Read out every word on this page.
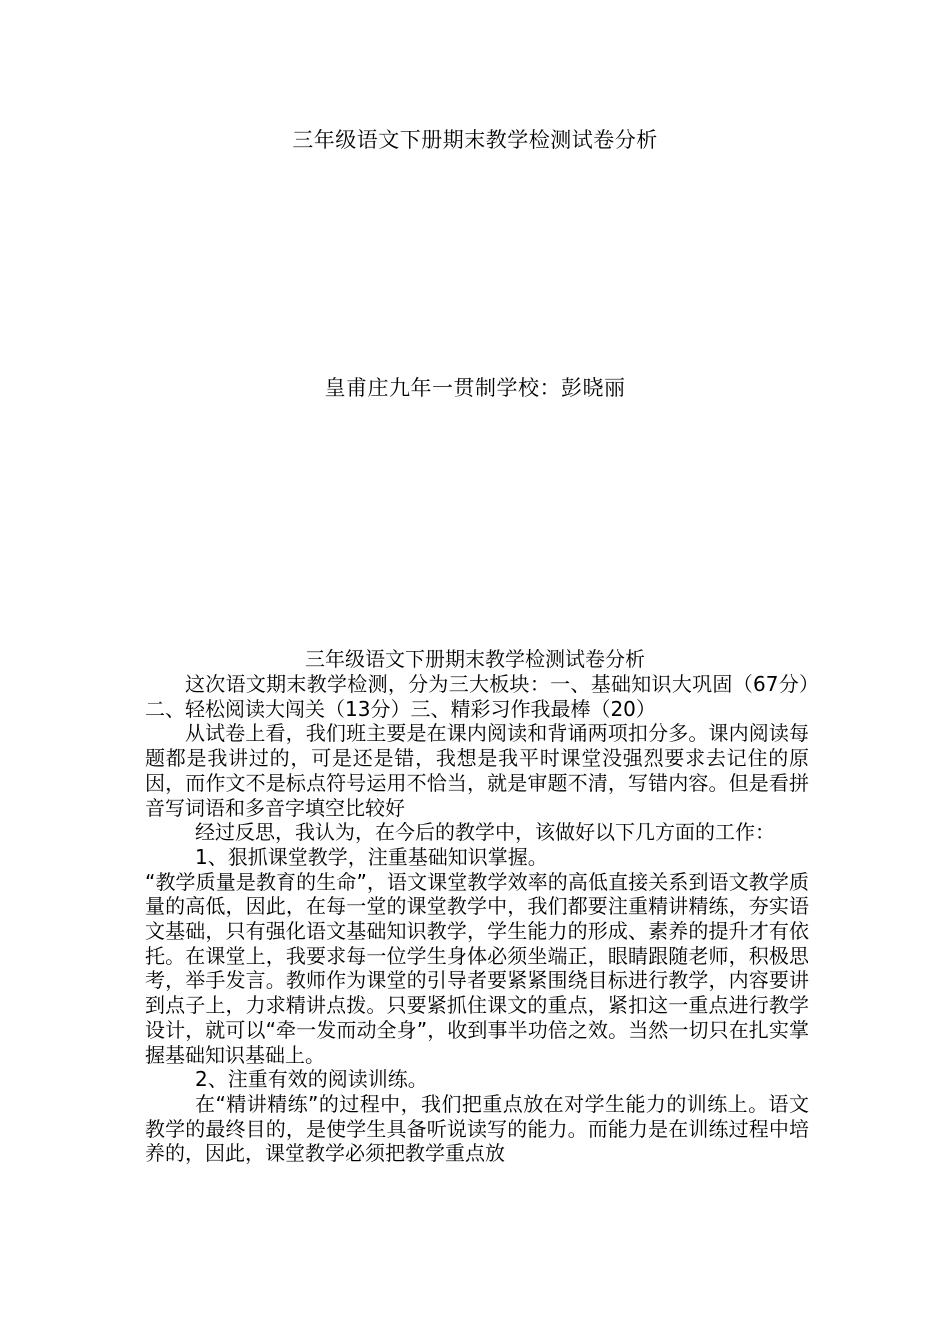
三年级语文下册期末教学检测试卷分析
皇甫庄九年一贯制学校：彭晓丽
三年级语文下册期末教学检测试卷分析

这次语文期末教学检测，分为三大板块：一、基础知识大巩固（67分）二、轻松阅读大闯关（13分）三、精彩习作我最棒（20）

从试卷上看，我们班主要是在课内阅读和背诵两项扣分多。课内阅读每题都是我讲过的，可是还是错，我想是我平时课堂没强烈要求去记住的原因，而作文不是标点符号运用不恰当，就是审题不清，写错内容。但是看拼音写词语和多音字填空比较好

经过反思，我认为，在今后的教学中，该做好以下几方面的工作：

1、狠抓课堂教学，注重基础知识掌握。

“教学质量是教育的生命”，语文课堂教学效率的高低直接关系到语文教学质量的高低，因此，在每一堂的课堂教学中，我们都要注重精讲精练，夯实语文基础，只有强化语文基础知识教学，学生能力的形成、素养的提升才有依托。在课堂上，我要求每一位学生身体必须坐端正，眼睛跟随老师，积极思考，举手发言。教师作为课堂的引导者要紧紧围绕目标进行教学，内容要讲到点子上，力求精讲点拨。只要紧抓住课文的重点，紧扣这一重点进行教学设计，就可以“牵一发而动全身”，收到事半功倍之效。当然一切只在扎实掌握基础知识基础上。

2、注重有效的阅读训练。

在“精讲精练”的过程中，我们把重点放在对学生能力的训练上。语文教学的最终目的，是使学生具备听说读写的能力。而能力是在训练过程中培养的，因此，课堂教学必须把教学重点放
